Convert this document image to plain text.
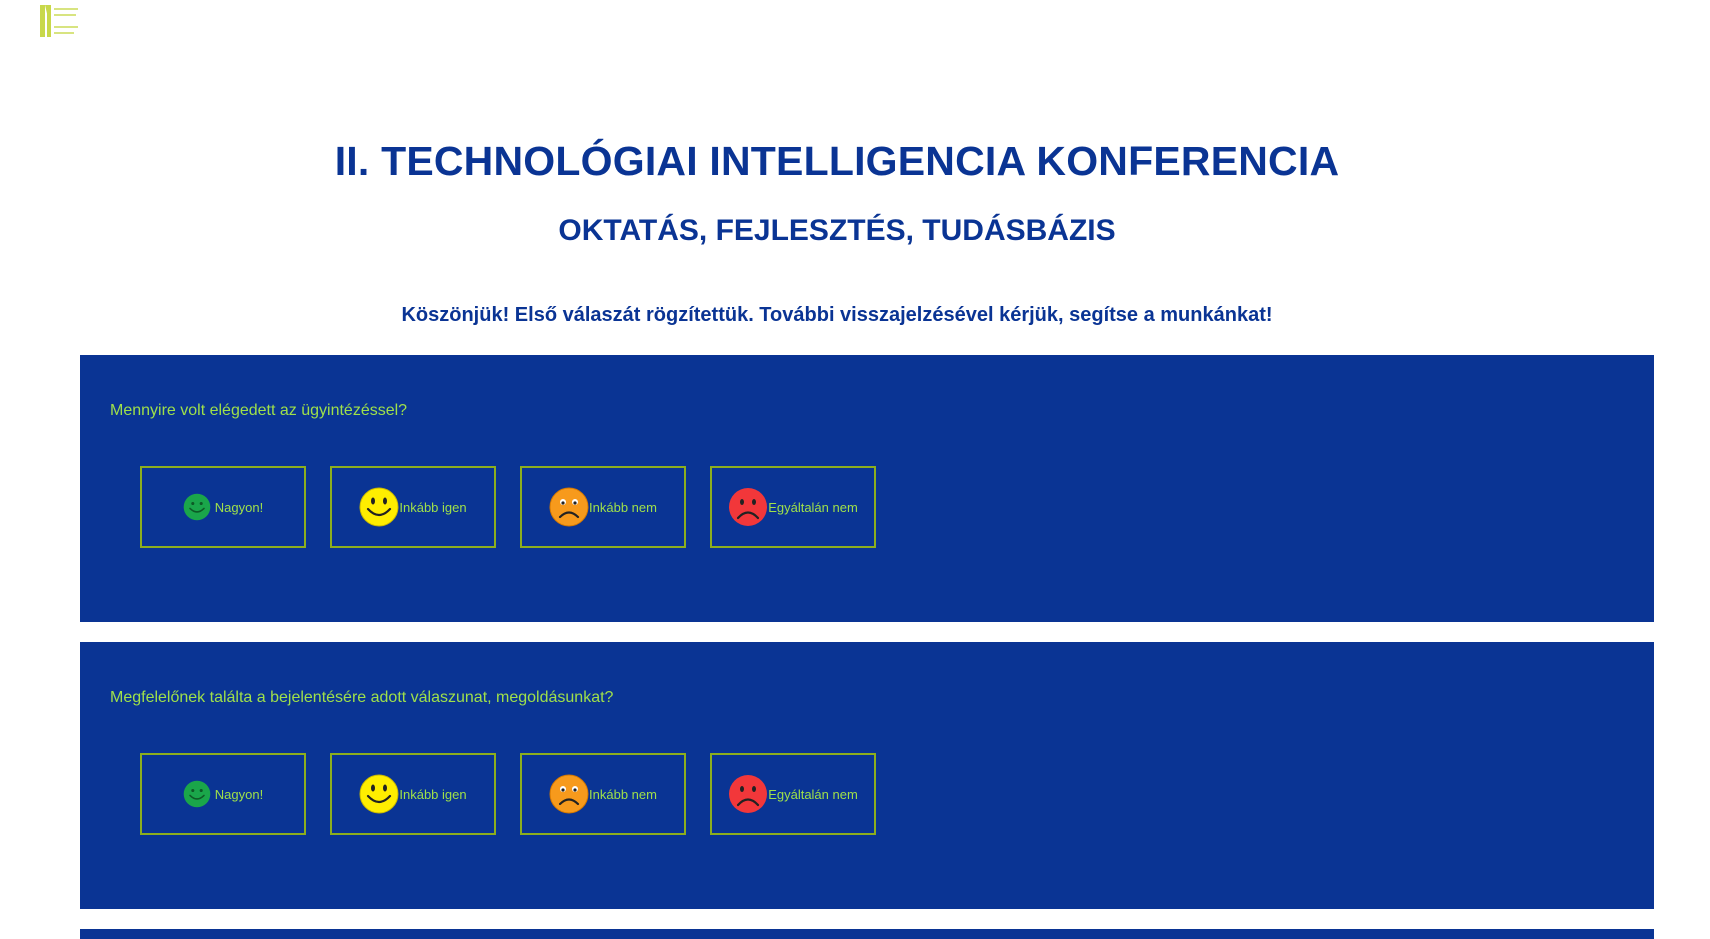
II. TECHNOLÓGIAI INTELLIGENCIA KONFERENCIA
OKTATÁS, FEJLESZTÉS, TUDÁSBÁZIS
Köszönjük! Első válaszát rögzítettük. További visszajelzésével kérjük, segítse a munkánkat!
Mennyire volt elégedett az ügyintézéssel?
Nagyon!	Inkább igen	Inkább nem	Egyáltalán nem
Megfelelőnek találta a bejelentésére adott válaszunat, megoldásunkat?
Nagyon!	Inkább igen	Inkább nem	Egyáltalán nem
